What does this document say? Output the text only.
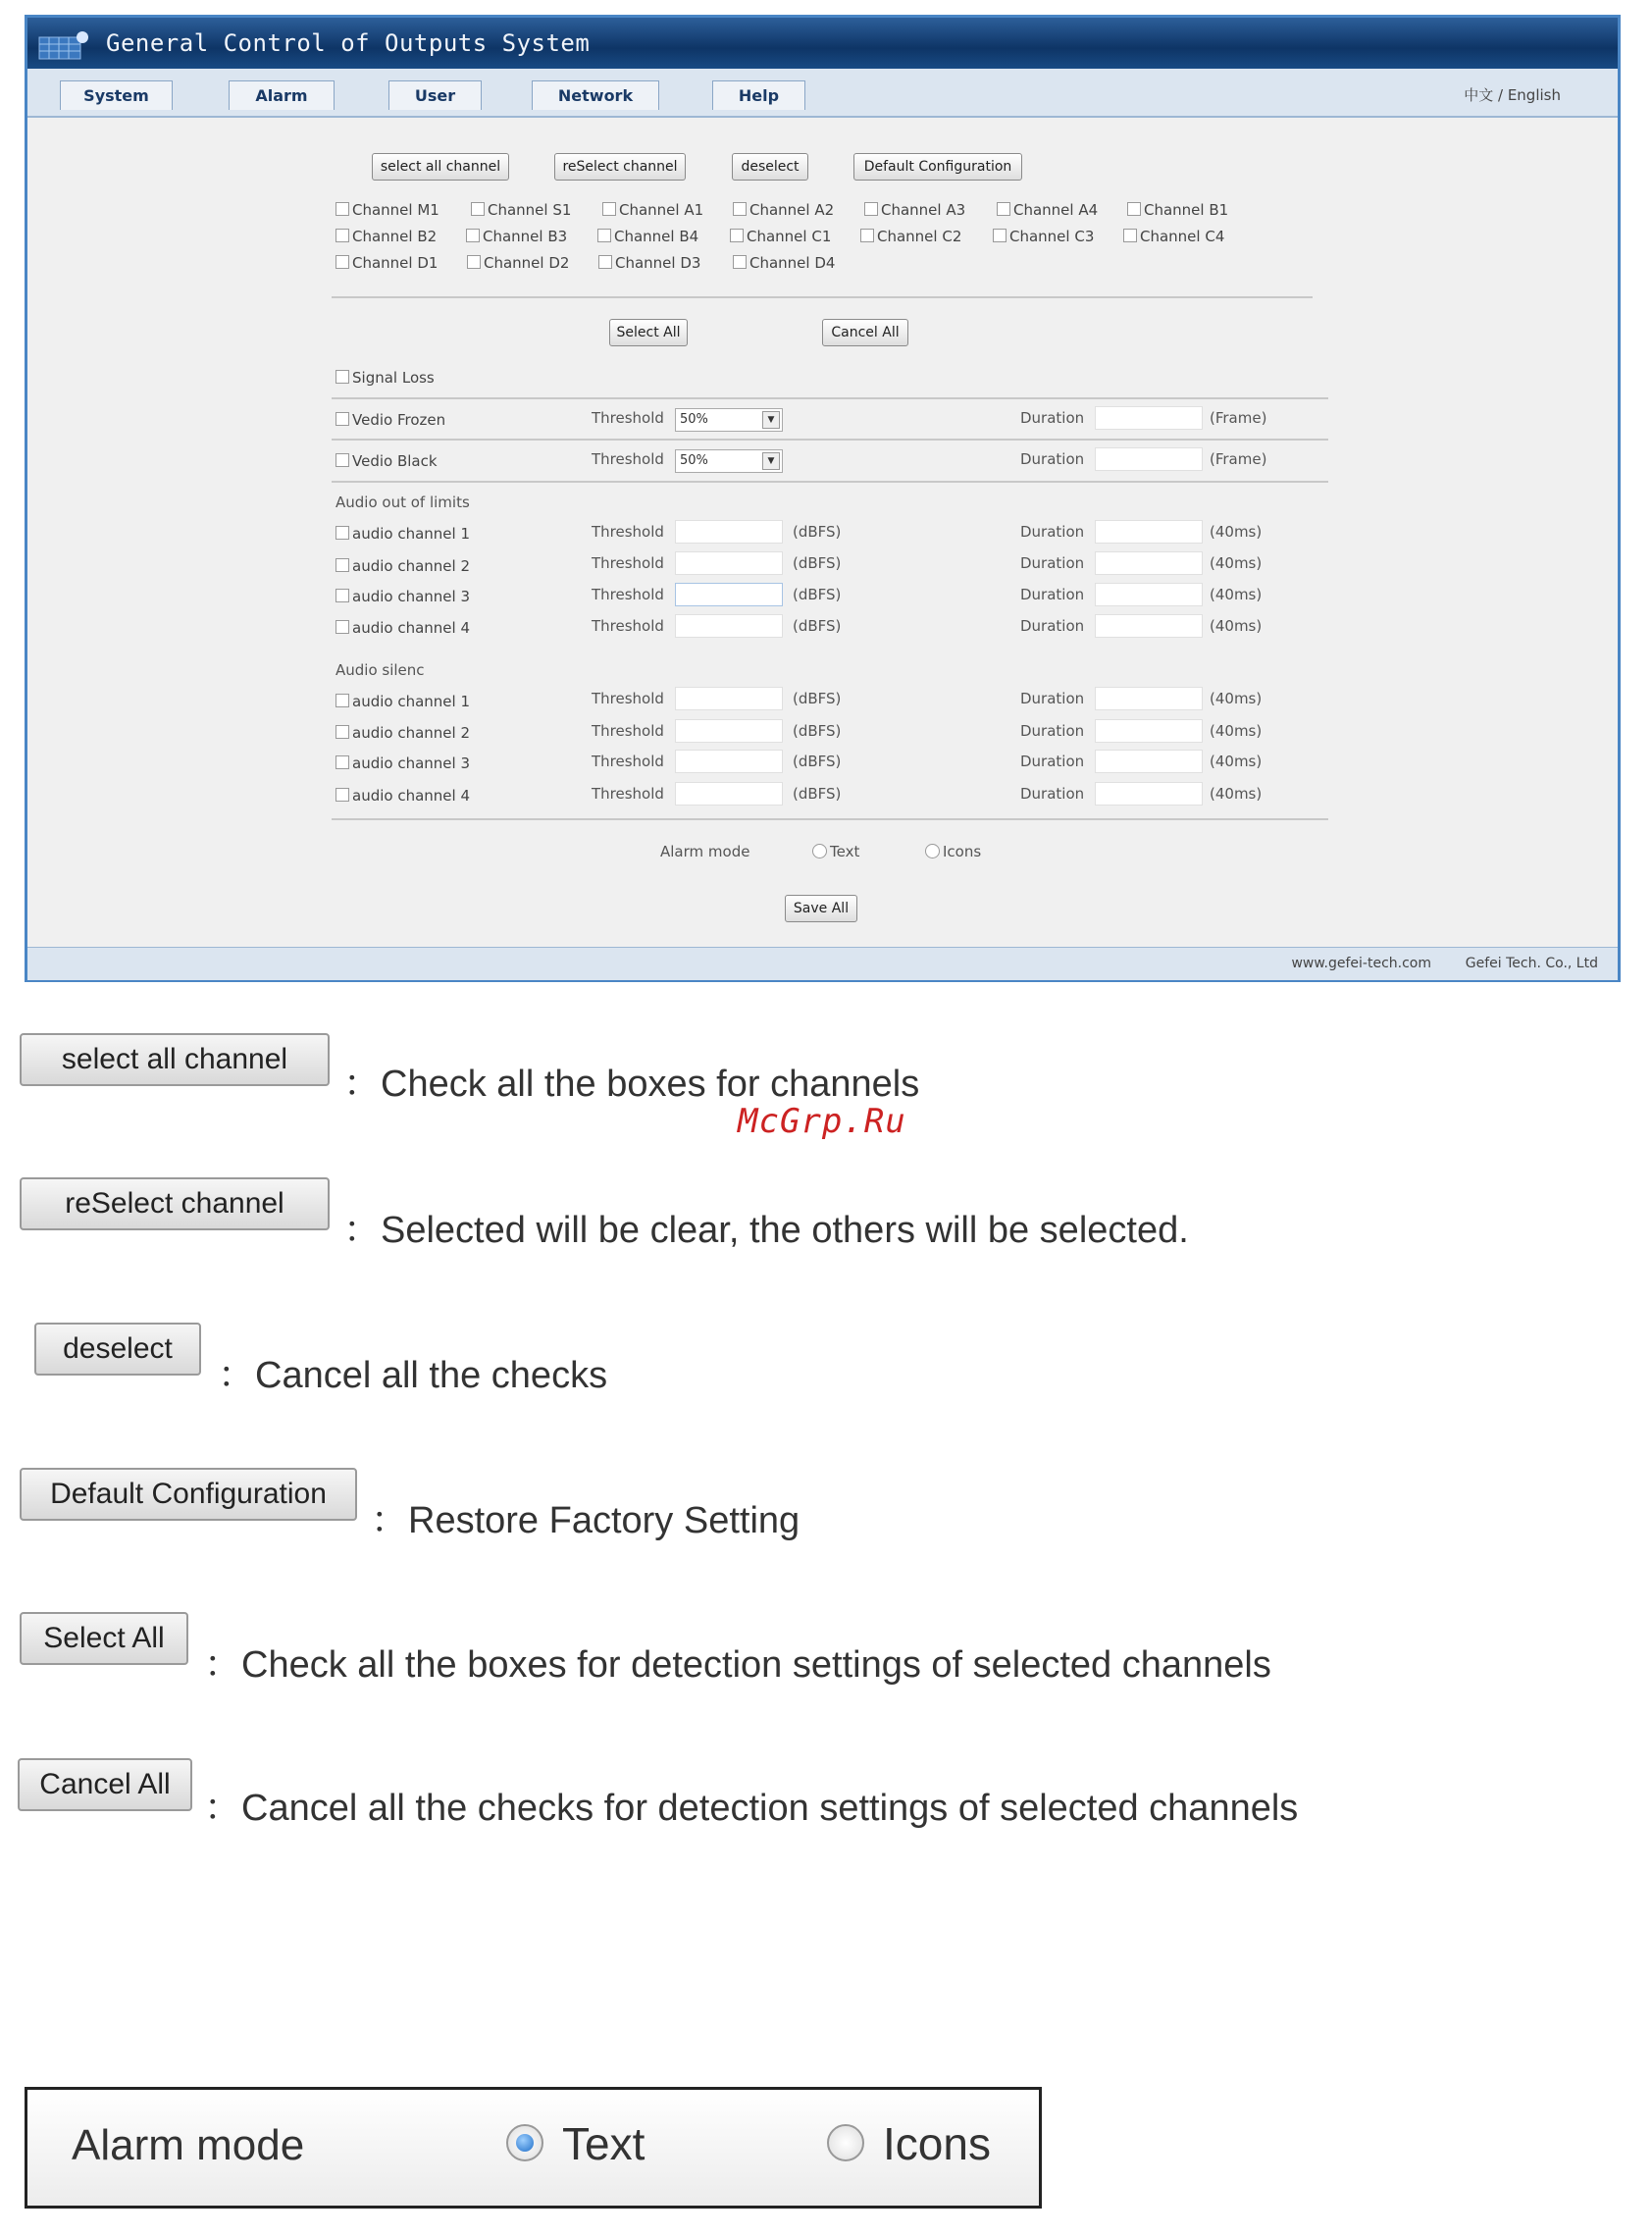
General Control of Outputs System
System	Alarm	User	Network	Help	中文 / English
select all channel	reSelect channel	deselect	Default Configuration
Channel M1	Channel S1	Channel A1	Channel A2	Channel A3	Channel A4	Channel B1
Channel B2	Channel B3	Channel B4	Channel C1	Channel C2	Channel C3	Channel C4
Channel D1	Channel D2	Channel D3	Channel D4
Select All	Cancel All
Signal Loss
Vedio Frozen	Threshold	50%	▼	Duration	(Frame)
Vedio Black	Threshold	50%	▼	Duration	(Frame)
Audio out of limits
audio channel 1	Threshold	(dBFS)	Duration	(40ms)
audio channel 2	Threshold	(dBFS)	Duration	(40ms)
audio channel 3	Threshold	(dBFS)	Duration	(40ms)
audio channel 4	Threshold	(dBFS)	Duration	(40ms)
Audio silenc
audio channel 1	Threshold	(dBFS)	Duration	(40ms)
audio channel 2	Threshold	(dBFS)	Duration	(40ms)
audio channel 3	Threshold	(dBFS)	Duration	(40ms)
audio channel 4	Threshold	(dBFS)	Duration	(40ms)
Alarm mode	Text	Icons
Save All
www.gefei-tech.com Gefei Tech. Co., Ltd
select all channel
：Check all the boxes for channels
McGrp.Ru
reSelect channel
：Selected will be clear, the others will be selected.
deselect
：Cancel all the checks
Default Configuration
：Restore Factory Setting
Select All
：Check all the boxes for detection settings of selected channels
Cancel All
：Cancel all the checks for detection settings of selected channels
Alarm mode	Text	Icons
